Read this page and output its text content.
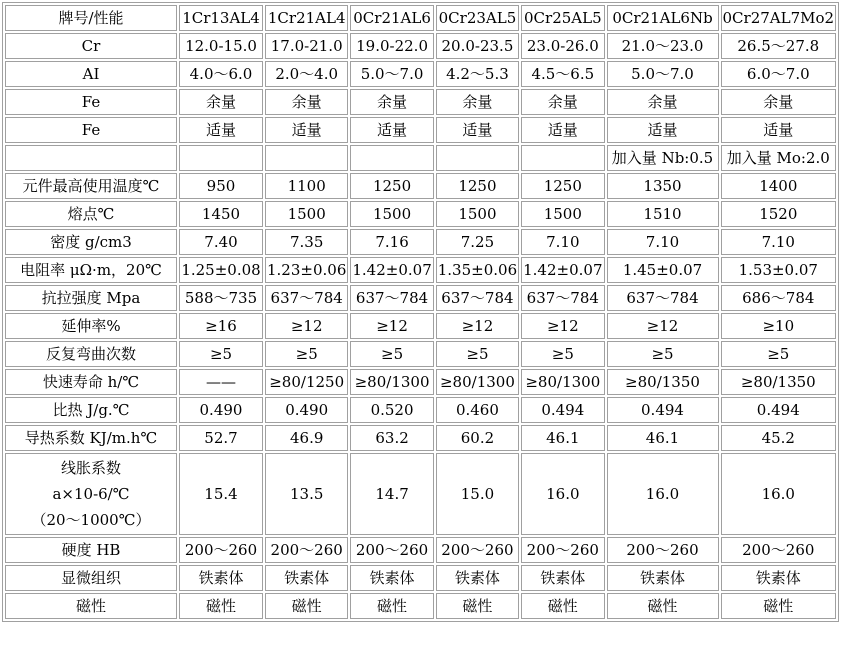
牌号/性能	1Cr13AL4	1Cr21AL4	0Cr21AL6	0Cr23AL5	0Cr25AL5	0Cr21AL6Nb	0Cr27AL7Mo2
Cr	12.0-15.0	17.0-21.0	19.0-22.0	20.0-23.5	23.0-26.0	21.0～23.0	26.5～27.8
AI	4.0～6.0	2.0～4.0	5.0～7.0	4.2～5.3	4.5～6.5	5.0～7.0	6.0～7.0
Fe	余量	余量	余量	余量	余量	余量	余量
Fe	适量	适量	适量	适量	适量	适量	适量
						加入量 Nb:0.5	加入量 Mo:2.0
元件最高使用温度℃	950	1100	1250	1250	1250	1350	1400
熔点℃	1450	1500	1500	1500	1500	1510	1520
密度 g/cm3	7.40	7.35	7.16	7.25	7.10	7.10	7.10
电阻率 μΩ·m，20℃	1.25±0.08	1.23±0.06	1.42±0.07	1.35±0.06	1.42±0.07	1.45±0.07	1.53±0.07
抗拉强度 Mpa	588～735	637～784	637～784	637～784	637～784	637～784	686～784
延伸率%	≥16	≥12	≥12	≥12	≥12	≥12	≥10
反复弯曲次数	≥5	≥5	≥5	≥5	≥5	≥5	≥5
快速寿命 h/℃	——	≥80/1250	≥80/1300	≥80/1300	≥80/1300	≥80/1350	≥80/1350
比热 J/g.℃	0.490	0.490	0.520	0.460	0.494	0.494	0.494
导热系数 KJ/m.h℃	52.7	46.9	63.2	60.2	46.1	46.1	45.2

线胀系数
a×10-6/℃
（20～1000℃）	15.4	13.5	14.7	15.0	16.0	16.0	16.0
硬度 HB	200～260	200～260	200～260	200～260	200～260	200～260	200～260
显微组织	铁素体	铁素体	铁素体	铁素体	铁素体	铁素体	铁素体
磁性	磁性	磁性	磁性	磁性	磁性	磁性	磁性
